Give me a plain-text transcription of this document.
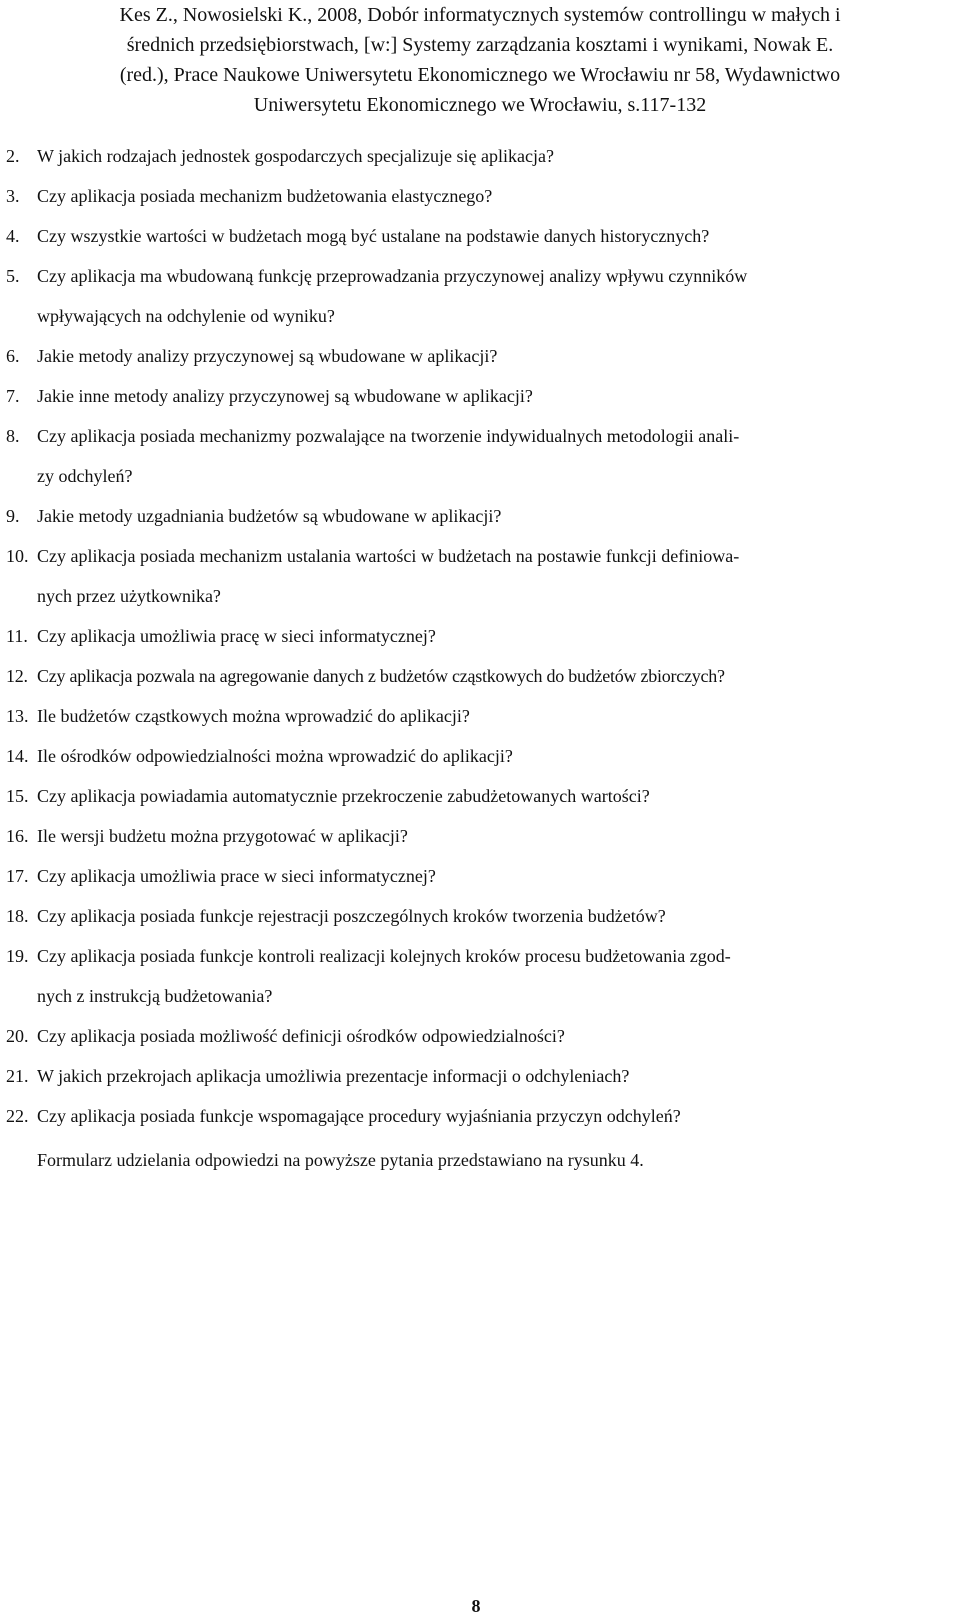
Kes Z., Nowosielski K., 2008, Dobór informatycznych systemów controllingu w małych i
średnich przedsiębiorstwach, [w:] Systemy zarządzania kosztami i wynikami, Nowak E.
(red.), Prace Naukowe Uniwersytetu Ekonomicznego we Wrocławiu nr 58, Wydawnictwo
Uniwersytetu Ekonomicznego we Wrocławiu, s.117-132
2. W jakich rodzajach jednostek gospodarczych specjalizuje się aplikacja?
3. Czy aplikacja posiada mechanizm budżetowania elastycznego?
4. Czy wszystkie wartości w budżetach mogą być ustalane na podstawie danych historycznych?
5. Czy aplikacja ma wbudowaną funkcję przeprowadzania przyczynowej analizy wpływu czynników
wpływających na odchylenie od wyniku?
6. Jakie metody analizy przyczynowej są wbudowane w aplikacji?
7. Jakie inne metody analizy przyczynowej są wbudowane w aplikacji?
8. Czy aplikacja posiada mechanizmy pozwalające na tworzenie indywidualnych metodologii anali-
zy odchyleń?
9. Jakie metody uzgadniania budżetów są wbudowane w aplikacji?
10. Czy aplikacja posiada mechanizm ustalania wartości w budżetach na postawie funkcji definiowa-
nych przez użytkownika?
11. Czy aplikacja umożliwia pracę w sieci informatycznej?
12. Czy aplikacja pozwala na agregowanie danych z budżetów cząstkowych do budżetów zbiorczych?
13. Ile budżetów cząstkowych można wprowadzić do aplikacji?
14. Ile ośrodków odpowiedzialności można wprowadzić do aplikacji?
15. Czy aplikacja powiadamia automatycznie przekroczenie zabudżetowanych wartości?
16. Ile wersji budżetu można przygotować w aplikacji?
17. Czy aplikacja umożliwia prace w sieci informatycznej?
18. Czy aplikacja posiada funkcje rejestracji poszczególnych kroków tworzenia budżetów?
19. Czy aplikacja posiada funkcje kontroli realizacji kolejnych kroków procesu budżetowania zgod-
nych z instrukcją budżetowania?
20. Czy aplikacja posiada możliwość definicji ośrodków odpowiedzialności?
21. W jakich przekrojach aplikacja umożliwia prezentacje informacji o odchyleniach?
22. Czy aplikacja posiada funkcje wspomagające procedury wyjaśniania przyczyn odchyleń?
Formularz udzielania odpowiedzi na powyższe pytania przedstawiano na rysunku 4.
8
